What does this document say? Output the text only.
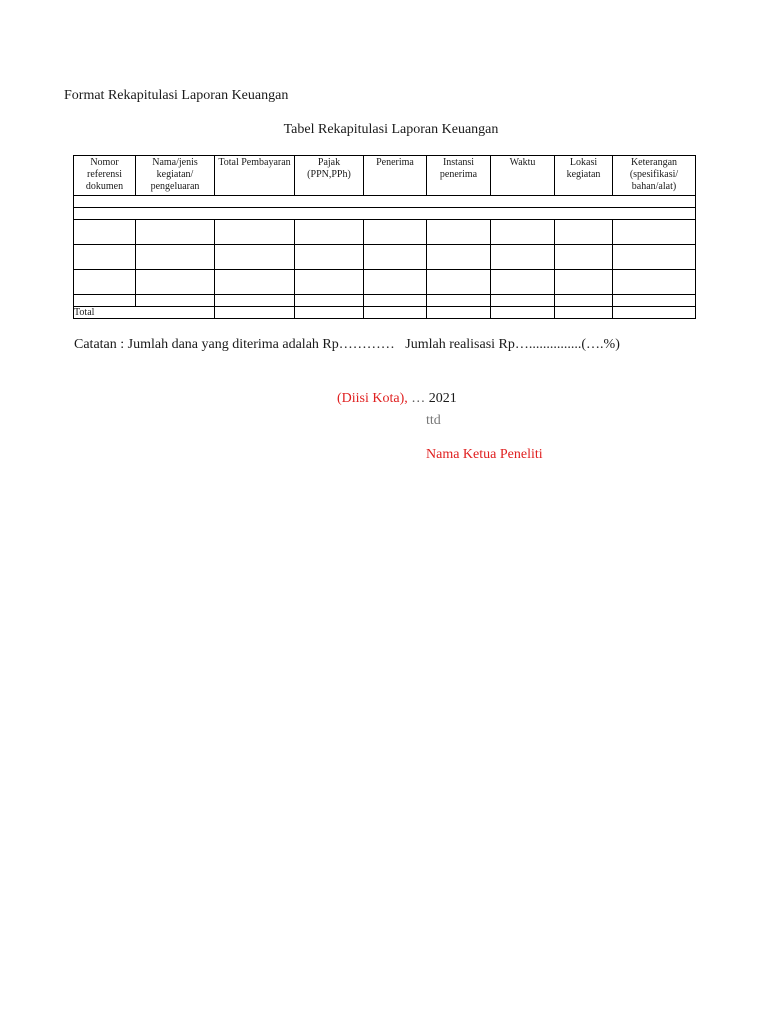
Format Rekapitulasi Laporan Keuangan
Tabel Rekapitulasi Laporan Keuangan
Nomor referensi dokumen	Nama/jenis kegiatan/ pengeluaran	Total Pembayaran	Pajak (PPN,PPh)	Penerima	Instansi penerima	Waktu	Lokasi kegiatan	Keterangan (spesifikasi/ bahan/alat)

Total								

Catatan : Jumlah dana yang diterima adalah Rp…………   Jumlah realisasi Rp…...............(….%)

(Diisi Kota), … 2021

ttd

Nama Ketua Peneliti
